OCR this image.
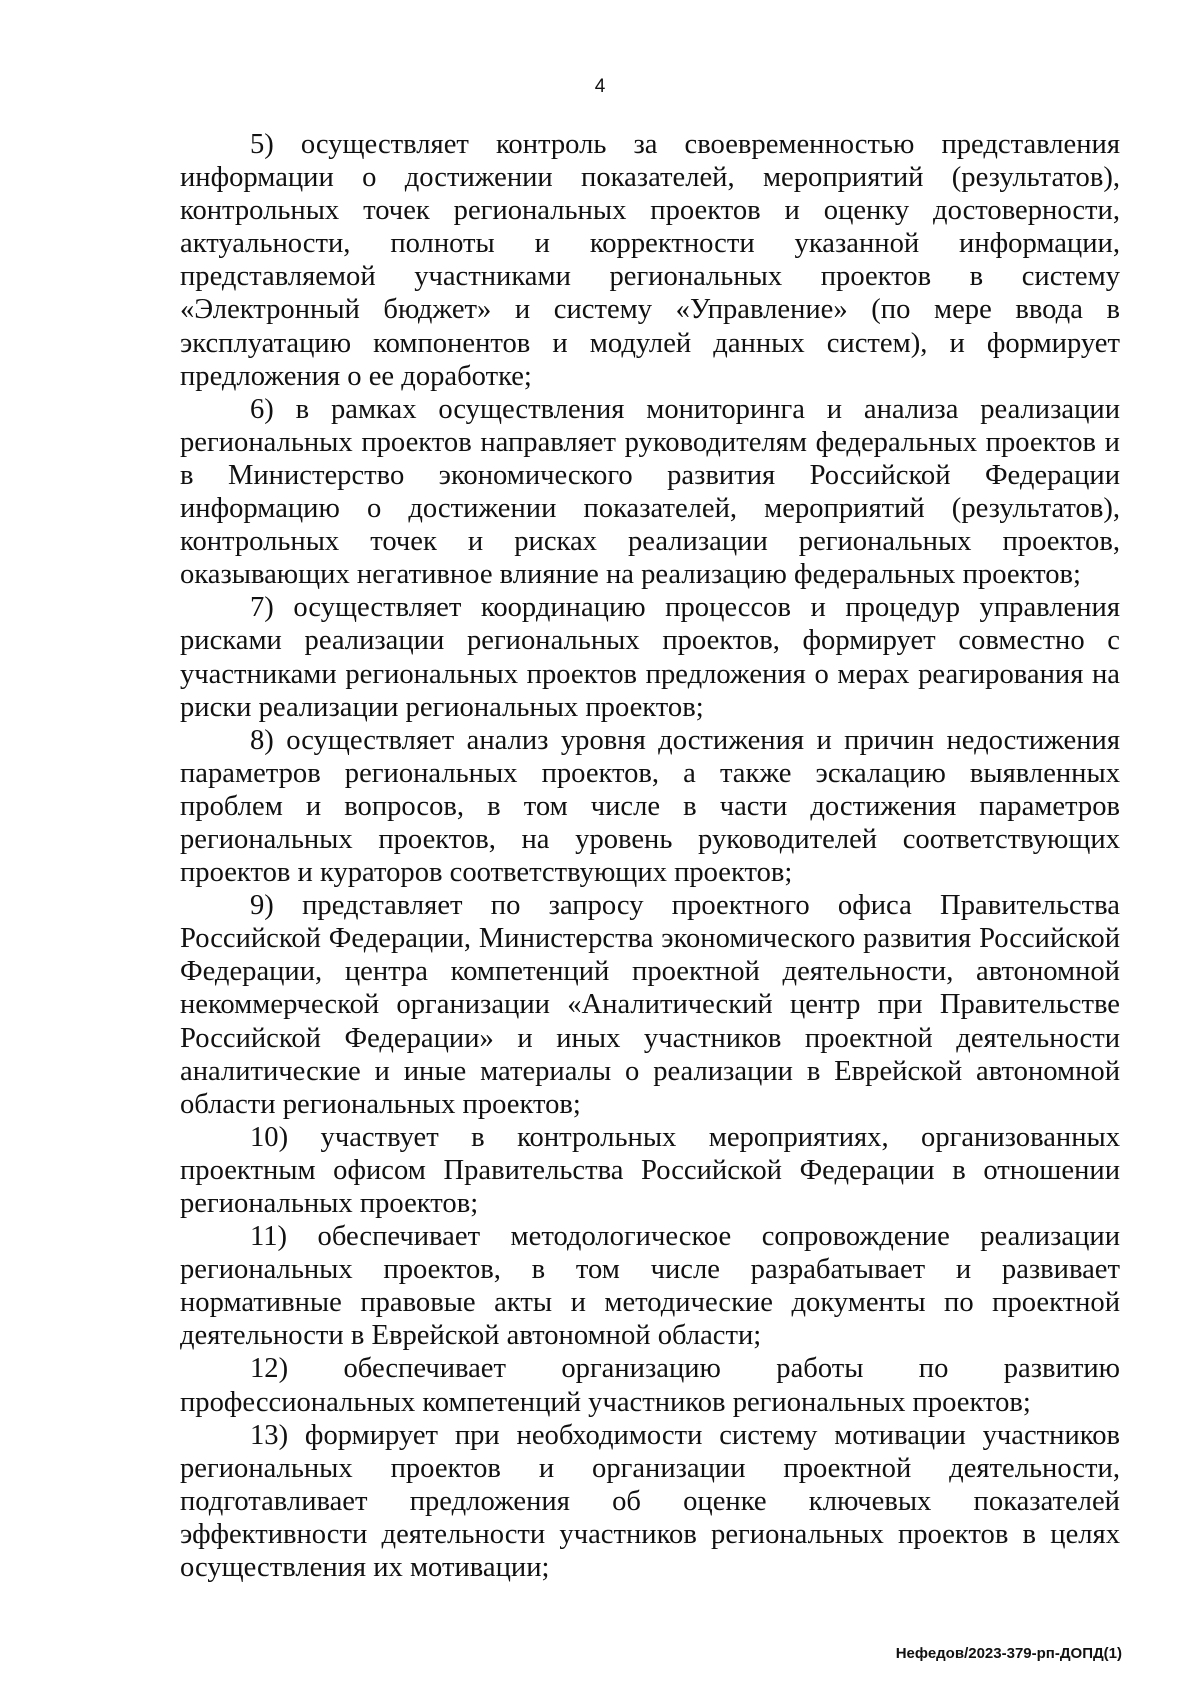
4

5) осуществляет контроль за своевременностью представления информации о достижении показателей, мероприятий (результатов), контрольных точек региональных проектов и оценку достоверности, актуальности, полноты и корректности указанной информации, представляемой участниками региональных проектов в систему «Электронный бюджет» и систему «Управление» (по мере ввода в эксплуатацию компонентов и модулей данных систем), и формирует предложения о ее доработке;

6) в рамках осуществления мониторинга и анализа реализации региональных проектов направляет руководителям федеральных проектов и в Министерство экономического развития Российской Федерации информацию о достижении показателей, мероприятий (результатов), контрольных точек и рисках реализации региональных проектов, оказывающих негативное влияние на реализацию федеральных проектов;

7) осуществляет координацию процессов и процедур управления рисками реализации региональных проектов, формирует совместно с участниками региональных проектов предложения о мерах реагирования на риски реализации региональных проектов;

8) осуществляет анализ уровня достижения и причин недостижения параметров региональных проектов, а также эскалацию выявленных проблем и вопросов, в том числе в части достижения параметров региональных проектов, на уровень руководителей соответствующих проектов и кураторов соответствующих проектов;

9) представляет по запросу проектного офиса Правительства Российской Федерации, Министерства экономического развития Российской Федерации, центра компетенций проектной деятельности, автономной некоммерческой организации «Аналитический центр при Правительстве Российской Федерации» и иных участников проектной деятельности аналитические и иные материалы о реализации в Еврейской автономной области региональных проектов;

10) участвует в контрольных мероприятиях, организованных проектным офисом Правительства Российской Федерации в отношении региональных проектов;

11) обеспечивает методологическое сопровождение реализации региональных проектов, в том числе разрабатывает и развивает нормативные правовые акты и методические документы по проектной деятельности в Еврейской автономной области;

12) обеспечивает организацию работы по развитию профессиональных компетенций участников региональных проектов;

13) формирует при необходимости систему мотивации участников региональных проектов и организации проектной деятельности, подготавливает предложения об оценке ключевых показателей эффективности деятельности участников региональных проектов в целях осуществления их мотивации;

Нефедов/2023-379-рп-ДОПД(1)
